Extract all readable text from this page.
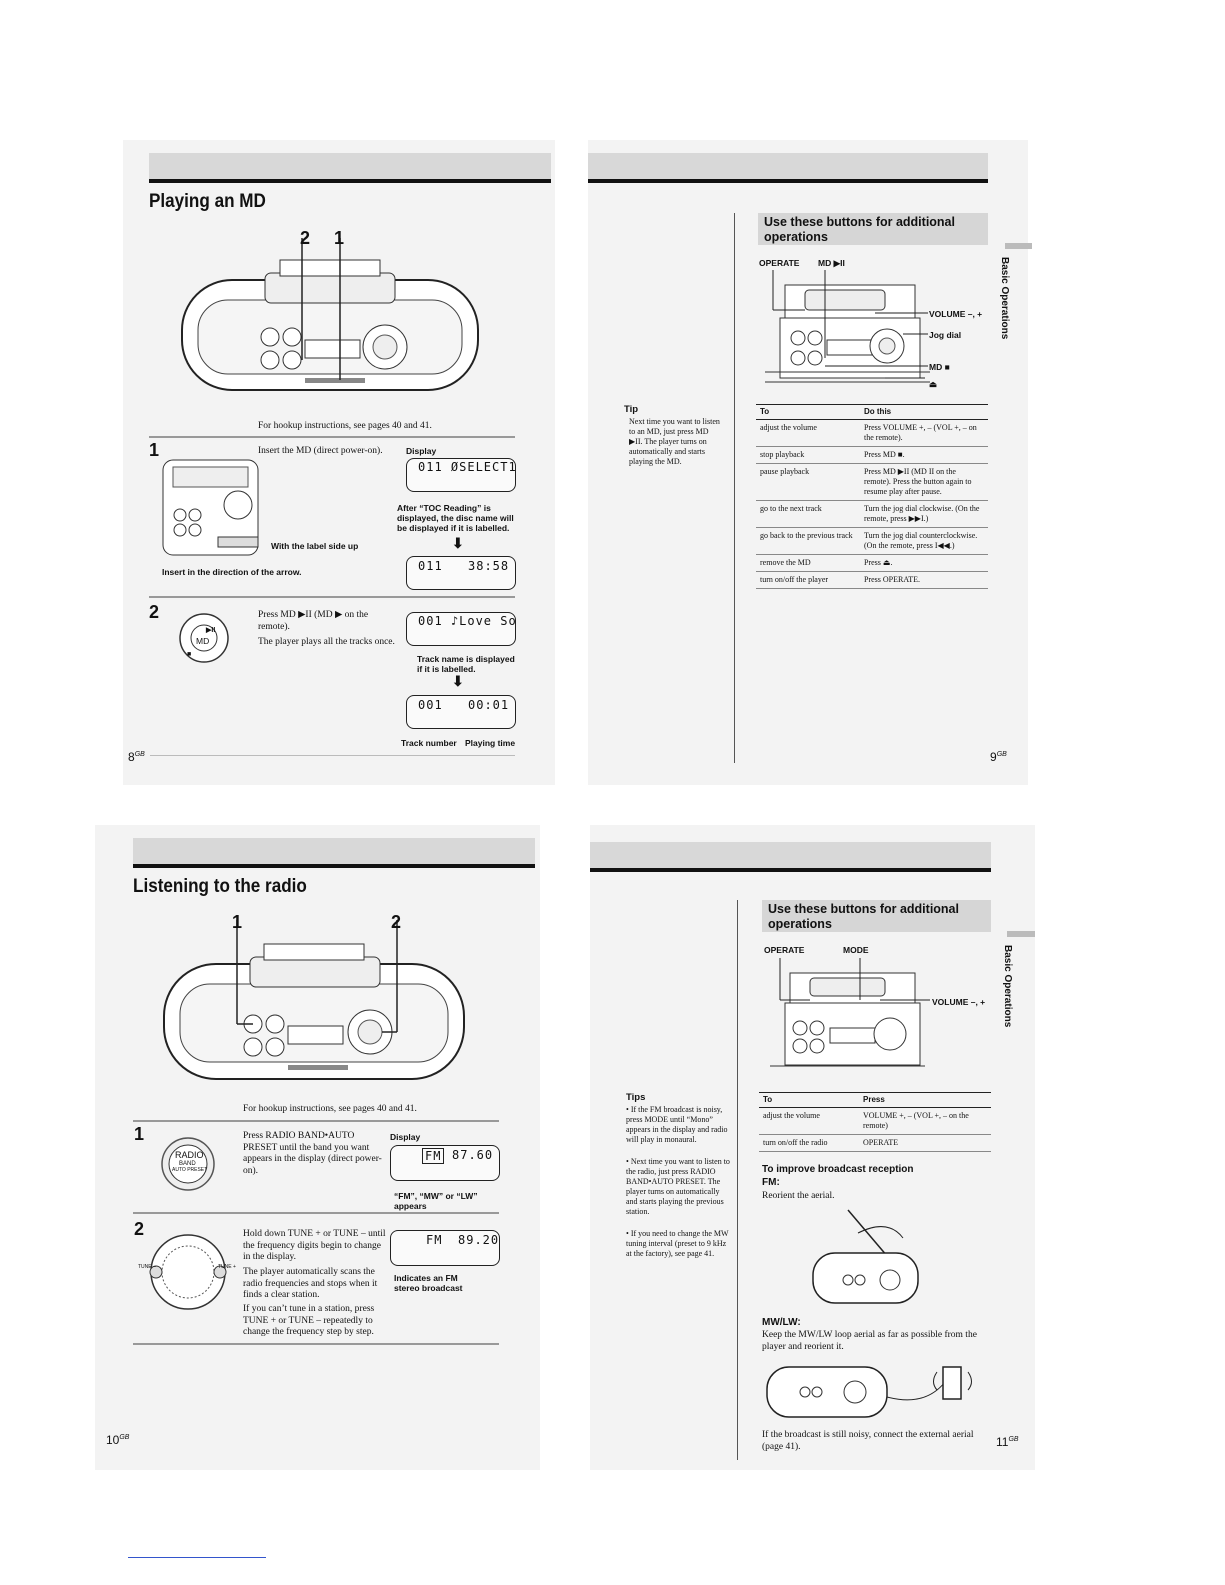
Playing an MD
2 1
For hookup instructions, see pages 40 and 41.
1	Insert the MD (direct power-on).	Display
011 ØSELECT1
After “TOC Reading” is displayed, the disc name will be displayed if it is labelled.
⬇
With the label side up
Insert in the direction of the arrow.	011 38:58
2
▶II
MD
■
Press MD ▶II (MD ▶ on the remote).
The player plays all the tracks once.
001 ♪Love So
Track name is displayed if it is labelled.
⬇
001 00:01
Track number Playing time
$8^{GB}$
Use these buttons for additional operations
OPERATE MD ▶II
VOLUME –, +
Jog dial
MD ■
⏏
Tip
Next time you want to listen to an MD, just press MD ▶II. The player turns on automatically and starts playing the MD.
To	Do this
adjust the volume	Press VOLUME +, – (VOL +, – on the remote).
stop playback	Press MD ■.
pause playback	Press MD ▶II (MD II on the remote). Press the button again to resume play after pause.
go to the next track	Turn the jog dial clockwise. (On the remote, press ▶▶I.)
go back to the previous track	Turn the jog dial counterclockwise. (On the remote, press I◀◀.)
remove the MD	Press ⏏.
turn on/off the player	Press OPERATE.
Basic Operations
$9^{GB}$
Listening to the radio
1	2
For hookup instructions, see pages 40 and 41.
1
RADIO
BAND
AUTO PRESET
Press RADIO BAND•AUTO PRESET until the band you want appears in the display (direct power-on).
Display
FM 87.60
“FM”, “MW” or “LW” appears
2
TUNE –	TUNE +
Hold down TUNE + or TUNE – until the frequency digits begin to change in the display.
The player automatically scans the radio frequencies and stops when it finds a clear station.
If you can’t tune in a station, press TUNE + or TUNE – repeatedly to change the frequency step by step.
FM 89.20
Indicates an FM stereo broadcast
$10^{GB}$
Use these buttons for additional operations
OPERATE	MODE
VOLUME –, +
Tips
• If the FM broadcast is noisy, press MODE until “Mono” appears in the display and radio will play in monaural.
• Next time you want to listen to the radio, just press RADIO BAND•AUTO PRESET. The player turns on automatically and starts playing the previous station.
• If you need to change the MW tuning interval (preset to 9 kHz at the factory), see page 41.
To	Press
adjust the volume	VOLUME +, – (VOL +, – on the remote)
turn on/off the radio	OPERATE
To improve broadcast reception
FM:
Reorient the aerial.
MW/LW:
Keep the MW/LW loop aerial as far as possible from the player and reorient it.
If the broadcast is still noisy, connect the external aerial (page 41).
Basic Operations
$11^{GB}$
